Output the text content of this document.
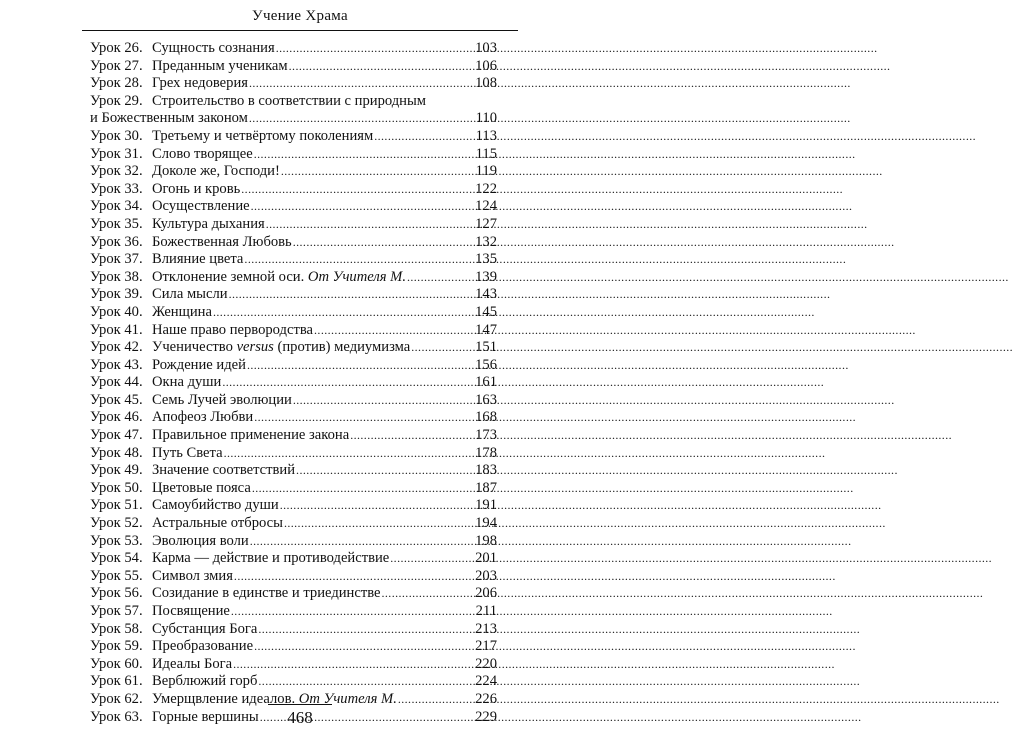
Учение Храма
Урок 26. Сущность сознания .....	103
Урок 27. Преданным ученикам .....	106
Урок 28. Грех недоверия .....	108
Урок 29. Строительство в соответствии с природным
и Божественным законом .....	110
Урок 30. Третьему и четвёртому поколениям .....	113
Урок 31. Слово творящее .....	115
Урок 32. Доколе же, Господи! .....	119
Урок 33. Огонь и кровь .....	122
Урок 34. Осуществление .....	124
Урок 35. Культура дыхания .....	127
Урок 36. Божественная Любовь .....	132
Урок 37. Влияние цвета .....	135
Урок 38. Отклонение земной оси. От Учителя М. .....	139
Урок 39. Сила мысли .....	143
Урок 40. Женщина .....	145
Урок 41. Наше право первородства .....	147
Урок 42. Ученичество versus (против) медиумизма .....	151
Урок 43. Рождение идей .....	156
Урок 44. Окна души .....	161
Урок 45. Семь Лучей эволюции .....	163
Урок 46. Апофеоз Любви .....	168
Урок 47. Правильное применение закона .....	173
Урок 48. Путь Света .....	178
Урок 49. Значение соответствий .....	183
Урок 50. Цветовые пояса .....	187
Урок 51. Самоубийство души .....	191
Урок 52. Астральные отбросы .....	194
Урок 53. Эволюция воли .....	198
Урок 54. Карма — действие и противодействие .....	201
Урок 55. Символ змия .....	203
Урок 56. Созидание в единстве и триединстве .....	206
Урок 57. Посвящение .....	211
Урок 58. Субстанция Бога .....	213
Урок 59. Преобразование .....	217
Урок 60. Идеалы Бога .....	220
Урок 61. Верблюжий горб .....	224
Урок 62. Умерщвление идеалов. От Учителя М. .....	226
Урок 63. Горные вершины .....	229
468
